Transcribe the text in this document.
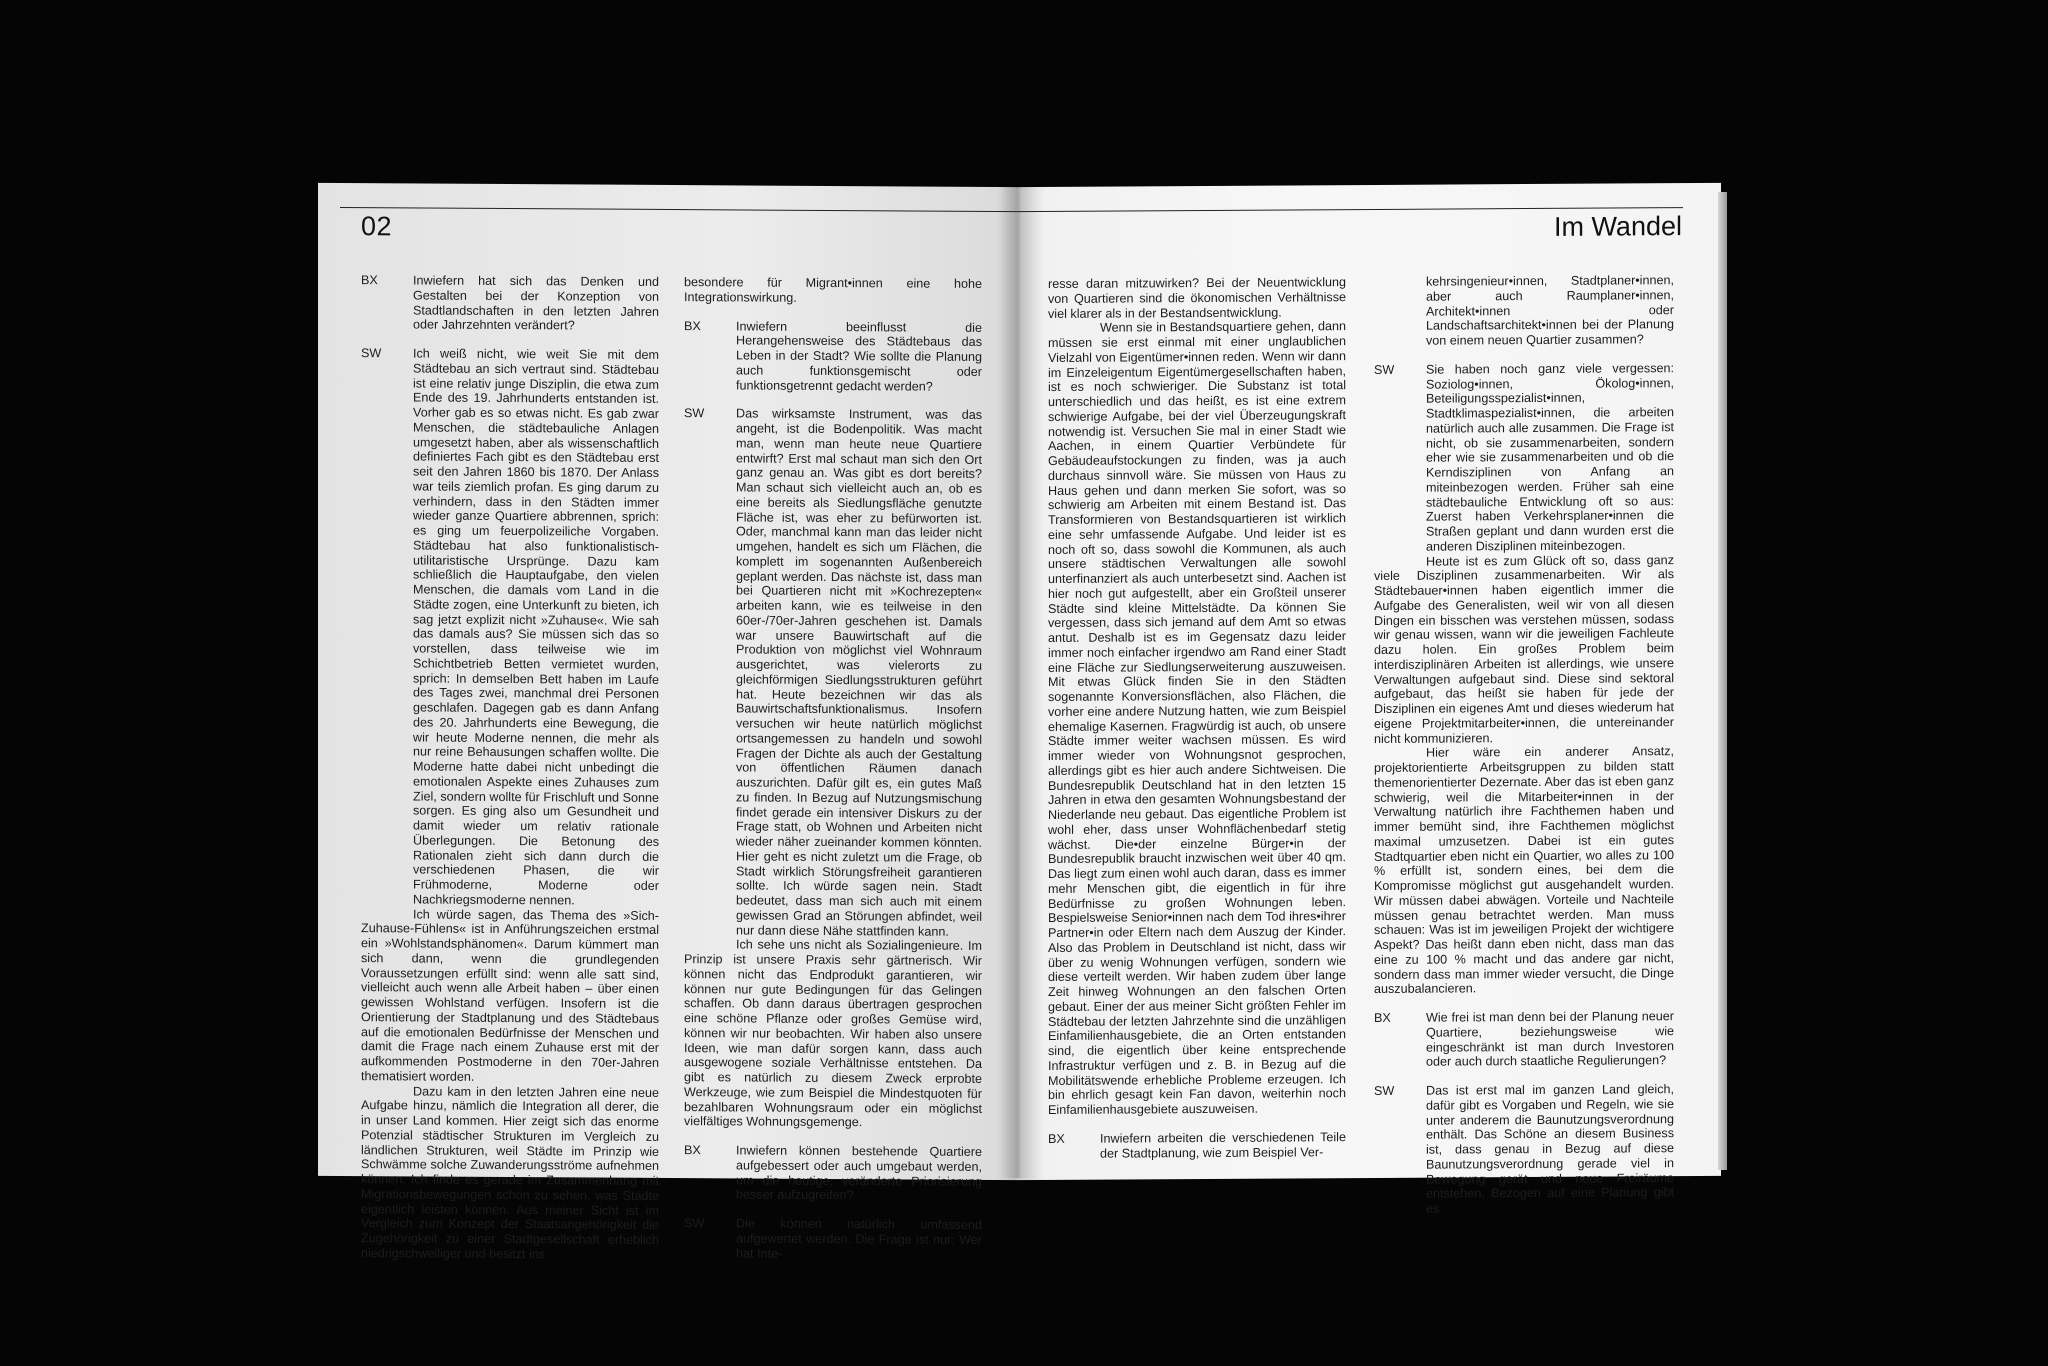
02
BX	Inwiefern hat sich das Denken und Gestalten bei der Konzeption von Stadtlandschaften in den letzten Jahren oder Jahrzehnten verändert?
SW	Ich weiß nicht, wie weit Sie mit dem Städtebau an sich vertraut sind. Städtebau ist eine relativ junge Disziplin, die etwa zum Ende des 19. Jahrhunderts entstanden ist. Vorher gab es so etwas nicht. Es gab zwar Menschen, die städtebauliche Anlagen umgesetzt haben, aber als wissenschaftlich definiertes Fach gibt es den Städtebau erst seit den Jahren 1860 bis 1870. Der Anlass war teils ziemlich profan. Es ging darum zu verhindern, dass in den Städten immer wieder ganze Quartiere abbrennen, sprich: es ging um feuerpolizeiliche Vorgaben. Städtebau hat also funktionalistisch-utilitaristische Ursprünge. Dazu kam schließlich die Hauptaufgabe, den vielen Menschen, die damals vom Land in die Städte zogen, eine Unterkunft zu bieten, ich sag jetzt explizit nicht »Zuhause«. Wie sah das damals aus? Sie müssen sich das so vorstellen, dass teilweise wie im Schichtbetrieb Betten vermietet wurden, sprich: In demselben Bett haben im Laufe des Tages zwei, manchmal drei Personen geschlafen. Dagegen gab es dann Anfang des 20. Jahrhunderts eine Bewegung, die wir heute Moderne nennen, die mehr als nur reine Behausungen schaffen wollte. Die Moderne hatte dabei nicht unbedingt die emotionalen Aspekte eines Zuhauses zum Ziel, sondern wollte für Frischluft und Sonne sorgen. Es ging also um Gesundheit und damit wieder um relativ rationale Überlegungen. Die Betonung des Rationalen zieht sich dann durch die verschiedenen Phasen, die wir Frühmoderne, Moderne oder Nachkriegsmoderne nennen.

Ich würde sagen, das Thema des »Sich-Zuhause-Fühlens« ist in Anführungszeichen erstmal ein »Wohlstandsphänomen«. Darum kümmert man sich dann, wenn die grundlegenden Voraussetzungen erfüllt sind: wenn alle satt sind, vielleicht auch wenn alle Arbeit haben – über einen gewissen Wohlstand verfügen. Insofern ist die Orientierung der Stadtplanung und des Städtebaus auf die emotionalen Bedürfnisse der Menschen und damit die Frage nach einem Zuhause erst mit der aufkommenden Postmoderne in den 70er-Jahren thematisiert worden.

Dazu kam in den letzten Jahren eine neue Aufgabe hinzu, nämlich die Integration all derer, die in unser Land kommen. Hier zeigt sich das enorme Potenzial städtischer Strukturen im Vergleich zu ländlichen Strukturen, weil Städte im Prinzip wie Schwämme solche Zuwanderungsströme aufnehmen können. Ich finde es gerade im Zusammenhang mit Migrationsbewegungen schön zu sehen, was Städte eigentlich leisten können. Aus meiner Sicht ist im Vergleich zum Konzept der Staatsangehörigkeit die Zugehörigkeit zu einer Stadtgesellschaft erheblich niedrigschwelliger und besitzt ins

besondere für Migrant•innen eine hohe Integrationswirkung.

BX	Inwiefern beeinflusst die Herangehensweise des Städtebaus das Leben in der Stadt? Wie sollte die Planung auch funktionsgemischt oder funktionsgetrennt gedacht werden?
SW	Das wirksamste Instrument, was das angeht, ist die Bodenpolitik. Was macht man, wenn man heute neue Quartiere entwirft? Erst mal schaut man sich den Ort ganz genau an. Was gibt es dort bereits? Man schaut sich vielleicht auch an, ob es eine bereits als Siedlungsfläche genutzte Fläche ist, was eher zu befürworten ist. Oder, manchmal kann man das leider nicht umgehen, handelt es sich um Flächen, die komplett im sogenannten Außenbereich geplant werden. Das nächste ist, dass man bei Quartieren nicht mit »Kochrezepten« arbeiten kann, wie es teilweise in den 60er-/70er-Jahren geschehen ist. Damals war unsere Bauwirtschaft auf die Produktion von möglichst viel Wohnraum ausgerichtet, was vielerorts zu gleichförmigen Siedlungsstrukturen geführt hat. Heute bezeichnen wir das als Bauwirtschaftsfunktionalismus. Insofern versuchen wir heute natürlich möglichst ortsangemessen zu handeln und sowohl Fragen der Dichte als auch der Gestaltung von öffentlichen Räumen danach auszurichten. Dafür gilt es, ein gutes Maß zu finden. In Bezug auf Nutzungsmischung findet gerade ein intensiver Diskurs zu der Frage statt, ob Wohnen und Arbeiten nicht wieder näher zueinander kommen könnten. Hier geht es nicht zuletzt um die Frage, ob Stadt wirklich Störungsfreiheit garantieren sollte. Ich würde sagen nein. Stadt bedeutet, dass man sich auch mit einem gewissen Grad an Störungen abfindet, weil nur dann diese Nähe stattfinden kann.

Ich sehe uns nicht als Sozialingenieure. Im Prinzip ist unsere Praxis sehr gärtnerisch. Wir können nicht das Endprodukt garantieren, wir können nur gute Bedingungen für das Gelingen schaffen. Ob dann daraus übertragen gesprochen eine schöne Pflanze oder großes Gemüse wird, können wir nur beobachten. Wir haben also unsere Ideen, wie man dafür sorgen kann, dass auch ausgewogene soziale Verhältnisse entstehen. Da gibt es natürlich zu diesem Zweck erprobte Werkzeuge, wie zum Beispiel die Mindestquoten für bezahlbaren Wohnungsraum oder ein möglichst vielfältiges Wohnungsgemenge.

BX	Inwiefern können bestehende Quartiere aufgebessert oder auch umgebaut werden, um die heutige, veränderte Priorisierung besser aufzugreifen?
SW	Die können natürlich umfassend aufgewertet werden. Die Frage ist nur: Wer hat Inte-
Im Wandel

resse daran mitzuwirken? Bei der Neuentwicklung von Quartieren sind die ökonomischen Verhältnisse viel klarer als in der Bestandsentwicklung.

Wenn sie in Bestandsquartiere gehen, dann müssen sie erst einmal mit einer unglaublichen Vielzahl von Eigentümer•innen reden. Wenn wir dann im Einzeleigentum Eigentümergesellschaften haben, ist es noch schwieriger. Die Substanz ist total unterschiedlich und das heißt, es ist eine extrem schwierige Aufgabe, bei der viel Überzeugungskraft notwendig ist. Versuchen Sie mal in einer Stadt wie Aachen, in einem Quartier Verbündete für Gebäudeaufstockungen zu finden, was ja auch durchaus sinnvoll wäre. Sie müssen von Haus zu Haus gehen und dann merken Sie sofort, was so schwierig am Arbeiten mit einem Bestand ist. Das Transformieren von Bestandsquartieren ist wirklich eine sehr umfassende Aufgabe. Und leider ist es noch oft so, dass sowohl die Kommunen, als auch unsere städtischen Verwaltungen alle sowohl unterfinanziert als auch unterbesetzt sind. Aachen ist hier noch gut aufgestellt, aber ein Großteil unserer Städte sind kleine Mittelstädte. Da können Sie vergessen, dass sich jemand auf dem Amt so etwas antut. Deshalb ist es im Gegensatz dazu leider immer noch einfacher irgendwo am Rand einer Stadt eine Fläche zur Siedlungserweiterung auszuweisen. Mit etwas Glück finden Sie in den Städten sogenannte Konversionsflächen, also Flächen, die vorher eine andere Nutzung hatten, wie zum Beispiel ehemalige Kasernen. Fragwürdig ist auch, ob unsere Städte immer weiter wachsen müssen. Es wird immer wieder von Wohnungsnot gesprochen, allerdings gibt es hier auch andere Sichtweisen. Die Bundesrepublik Deutschland hat in den letzten 15 Jahren in etwa den gesamten Wohnungsbestand der Niederlande neu gebaut. Das eigentliche Problem ist wohl eher, dass unser Wohnflächenbedarf stetig wächst. Die•der einzelne Bürger•in der Bundesrepublik braucht inzwischen weit über 40 qm. Das liegt zum einen wohl auch daran, dass es immer mehr Menschen gibt, die eigentlich in für ihre Bedürfnisse zu großen Wohnungen leben. Bespielsweise Senior•innen nach dem Tod ihres•ihrer Partner•in oder Eltern nach dem Auszug der Kinder. Also das Problem in Deutschland ist nicht, dass wir über zu wenig Wohnungen verfügen, sondern wie diese verteilt werden. Wir haben zudem über lange Zeit hinweg Wohnungen an den falschen Orten gebaut. Einer der aus meiner Sicht größten Fehler im Städtebau der letzten Jahrzehnte sind die unzähligen Einfamilienhausgebiete, die an Orten entstanden sind, die eigentlich über keine entsprechende Infrastruktur verfügen und z. B. in Bezug auf die Mobilitätswende erhebliche Probleme erzeugen. Ich bin ehrlich gesagt kein Fan davon, weiterhin noch Einfamilienhausgebiete auszuweisen.

BX	Inwiefern arbeiten die verschiedenen Teile der Stadtplanung, wie zum Beispiel Ver-

kehrsingenieur•innen, Stadtplaner•innen, aber auch Raumplaner•innen, Architekt•innen oder Landschaftsarchitekt•innen bei der Planung von einem neuen Quartier zusammen?

SW	Sie haben noch ganz viele vergessen: Soziolog•innen, Ökolog•innen, Beteiligungsspezialist•innen, Stadtklimaspezialist•innen, die arbeiten natürlich auch alle zusammen. Die Frage ist nicht, ob sie zusammenarbeiten, sondern eher wie sie zusammenarbeiten und ob die Kerndisziplinen von Anfang an miteinbezogen werden. Früher sah eine städtebauliche Entwicklung oft so aus: Zuerst haben Verkehrsplaner•innen die Straßen geplant und dann wurden erst die anderen Disziplinen miteinbezogen.

Heute ist es zum Glück oft so, dass ganz viele Disziplinen zusammenarbeiten. Wir als Städtebauer•innen haben eigentlich immer die Aufgabe des Generalisten, weil wir von all diesen Dingen ein bisschen was verstehen müssen, sodass wir genau wissen, wann wir die jeweiligen Fachleute dazu holen. Ein großes Problem beim interdisziplinären Arbeiten ist allerdings, wie unsere Verwaltungen aufgebaut sind. Diese sind sektoral aufgebaut, das heißt sie haben für jede der Disziplinen ein eigenes Amt und dieses wiederum hat eigene Projektmitarbeiter•innen, die untereinander nicht kommunizieren.

Hier wäre ein anderer Ansatz, projektorientierte Arbeitsgruppen zu bilden statt themenorientierter Dezernate. Aber das ist eben ganz schwierig, weil die Mitarbeiter•innen in der Verwaltung natürlich ihre Fachthemen haben und immer bemüht sind, ihre Fachthemen möglichst maximal umzusetzen. Dabei ist ein gutes Stadtquartier eben nicht ein Quartier, wo alles zu 100 % erfüllt ist, sondern eines, bei dem die Kompromisse möglichst gut ausgehandelt wurden. Wir müssen dabei abwägen. Vorteile und Nachteile müssen genau betrachtet werden. Man muss schauen: Was ist im jeweiligen Projekt der wichtigere Aspekt? Das heißt dann eben nicht, dass man das eine zu 100 % macht und das andere gar nicht, sondern dass man immer wieder versucht, die Dinge auszubalancieren.

BX	Wie frei ist man denn bei der Planung neuer Quartiere, beziehungsweise wie eingeschränkt ist man durch Investoren oder auch durch staatliche Regulierungen?
SW	Das ist erst mal im ganzen Land gleich, dafür gibt es Vorgaben und Regeln, wie sie unter anderem die Baunutzungsverordnung enthält. Das Schöne an diesem Business ist, dass genau in Bezug auf diese Baunutzungsverordnung gerade viel in Bewegung gerät und neue Freiräume entstehen. Bezogen auf eine Planung gibt es
